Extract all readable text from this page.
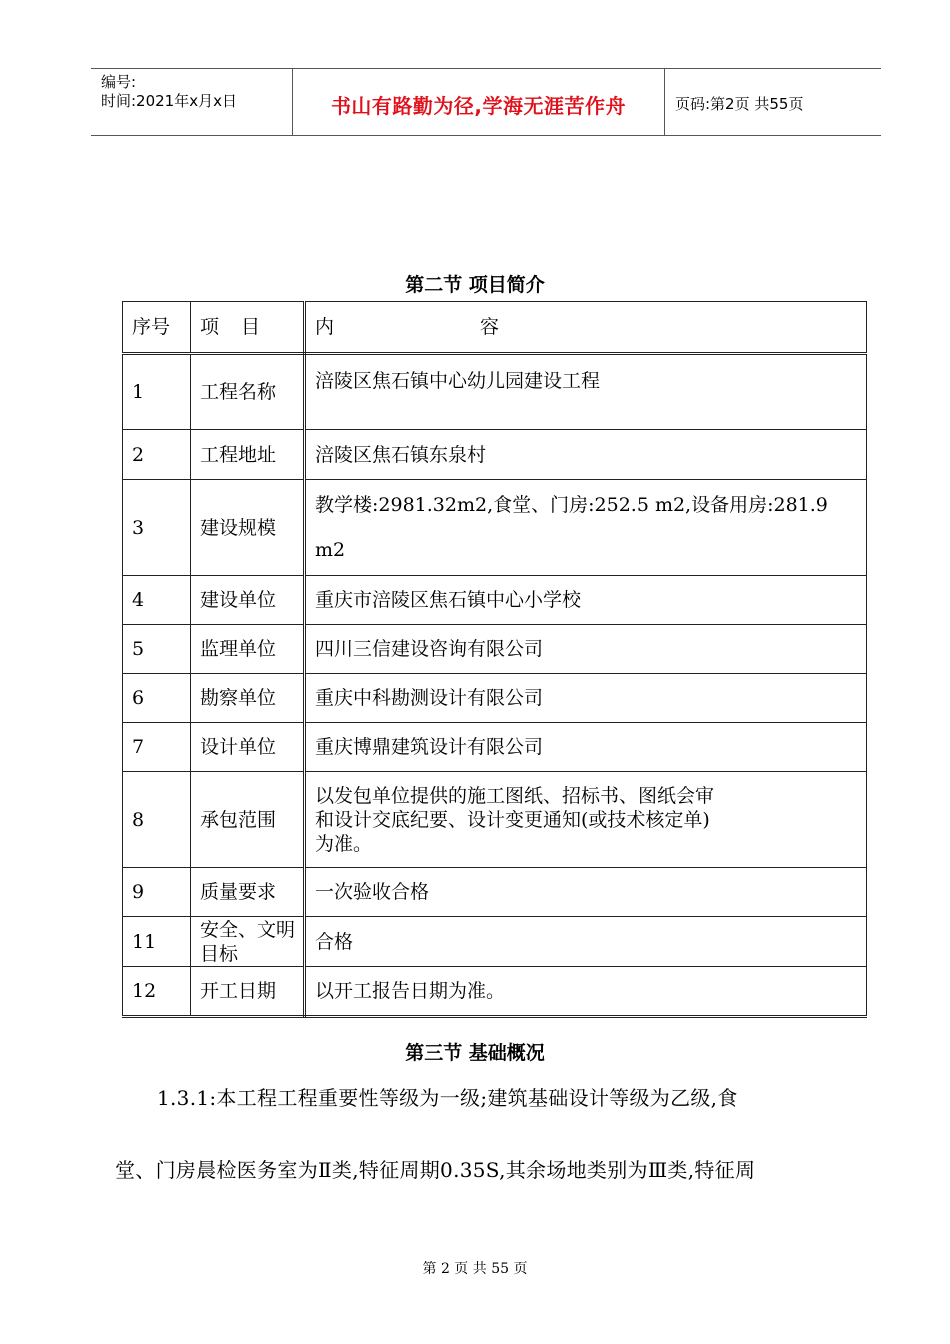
编号:
时间:2021年x月x日	书山有路勤为径,学海无涯苦作舟	页码:第2页 共55页
第二节 项目简介
序号	项 目	内 容
1	工程名称	涪陵区焦石镇中心幼儿园建设工程
2	工程地址	涪陵区焦石镇东泉村
3	建设规模	教学楼:2981.32m2,食堂、门房:252.5 m2,设备用房:281.9 m2
4	建设单位	重庆市涪陵区焦石镇中心小学校
5	监理单位	四川三信建设咨询有限公司
6	勘察单位	重庆中科勘测设计有限公司
7	设计单位	重庆博鼎建筑设计有限公司
8	承包范围	以发包单位提供的施工图纸、招标书、图纸会审和设计交底纪要、设计变更通知(或技术核定单)为准。
9	质量要求	一次验收合格
11	安全、文明目标	合格
12	开工日期	以开工报告日期为准。
第三节 基础概况
1.3.1:本工程工程重要性等级为一级;建筑基础设计等级为乙级,食
堂、门房晨检医务室为Ⅱ类,特征周期0.35S,其余场地类别为Ⅲ类,特征周
第 2 页 共 55 页
